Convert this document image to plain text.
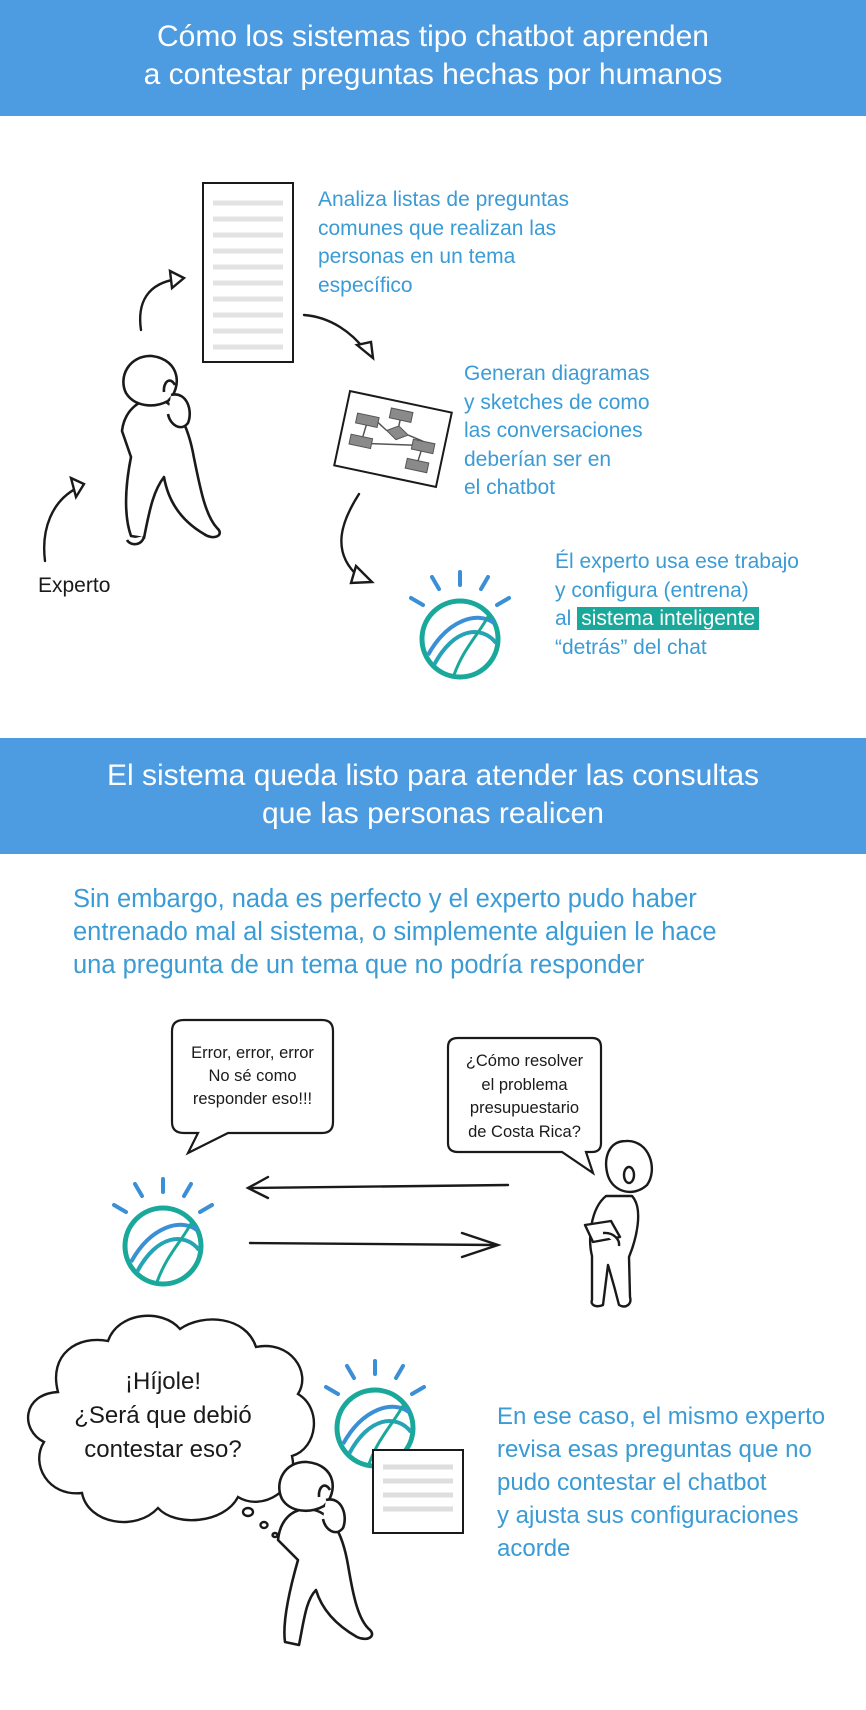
Cómo los sistemas tipo chatbot aprenden
a contestar preguntas hechas por humanos
El sistema queda listo para atender las consultas
que las personas realicen
Analiza listas de preguntas
comunes que realizan las
personas en un tema
específico
Generan diagramas
y sketches de como
las conversaciones
deberían ser en
el chatbot
Él experto usa ese trabajo
y configura (entrena)
al sistema inteligente
“detrás” del chat
Experto
Sin embargo, nada es perfecto y el experto pudo haber
entrenado mal al sistema, o simplemente alguien le hace
una pregunta de un tema que no podría responder
Error, error, error
No sé como
responder eso!!!
¿Cómo resolver
el problema
presupuestario
de Costa Rica?
¡Híjole!
¿Será que debió
contestar eso?
En ese caso, el mismo experto
revisa esas preguntas que no
pudo contestar el chatbot
y ajusta sus configuraciones
acorde
